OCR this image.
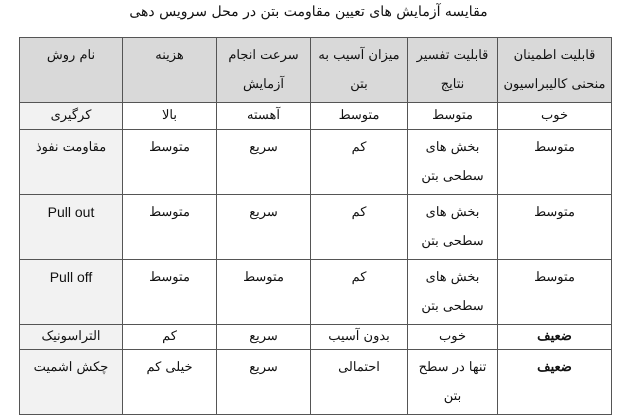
مقایسه آزمایش های تعیین مقاومت بتن در محل سرویس دهی
نام روش	هزینه	سرعت انجام آزمایش	میزان آسیب به بتن	قابلیت تفسیر نتایج	قابلیت اطمینان منحنی کالیبراسیون
کرگیری	بالا	آهسته	متوسط	متوسط	خوب
مقاومت نفوذ	متوسط	سریع	کم	بخش های سطحی بتن	متوسط
Pull out	متوسط	سریع	کم	بخش های سطحی بتن	متوسط
Pull off	متوسط	متوسط	کم	بخش های سطحی بتن	متوسط
التراسونیک	کم	سریع	بدون آسیب	خوب	ضعیف
چکش اشمیت	خیلی کم	سریع	احتمالی	تنها در سطح بتن	ضعیف
